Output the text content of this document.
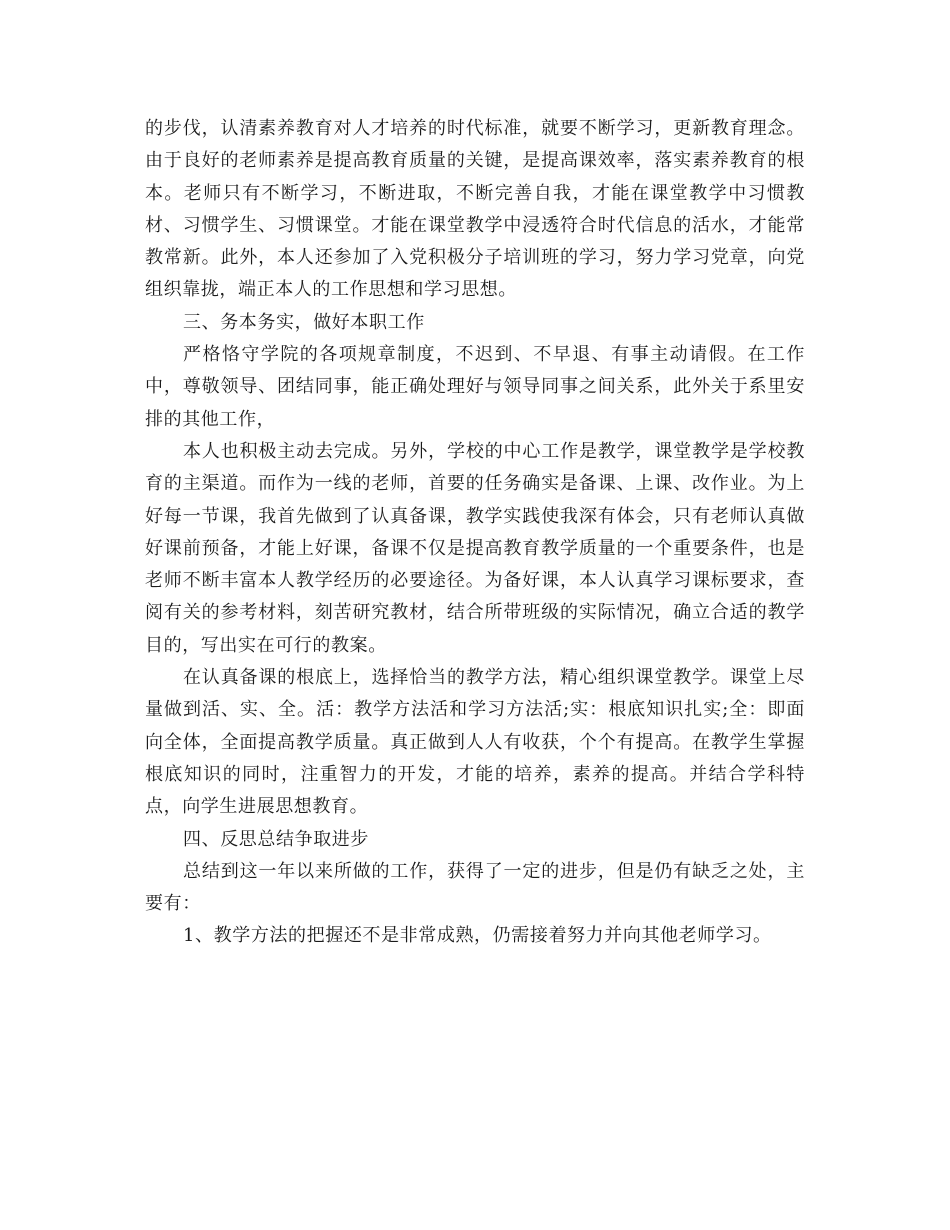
的步伐，认清素养教育对人才培养的时代标准，就要不断学习，更新教育理念。由于良好的老师素养是提高教育质量的关键，是提高课效率，落实素养教育的根本。老师只有不断学习，不断进取，不断完善自我，才能在课堂教学中习惯教材、习惯学生、习惯课堂。才能在课堂教学中浸透符合时代信息的活水，才能常教常新。此外，本人还参加了入党积极分子培训班的学习，努力学习党章，向党组织靠拢，端正本人的工作思想和学习思想。

三、务本务实，做好本职工作

严格恪守学院的各项规章制度，不迟到、不早退、有事主动请假。在工作中，尊敬领导、团结同事，能正确处理好与领导同事之间关系，此外关于系里安排的其他工作，

本人也积极主动去完成。另外，学校的中心工作是教学，课堂教学是学校教育的主渠道。而作为一线的老师，首要的任务确实是备课、上课、改作业。为上好每一节课，我首先做到了认真备课，教学实践使我深有体会，只有老师认真做好课前预备，才能上好课，备课不仅是提高教育教学质量的一个重要条件，也是老师不断丰富本人教学经历的必要途径。为备好课，本人认真学习课标要求，查阅有关的参考材料，刻苦研究教材，结合所带班级的实际情况，确立合适的教学目的，写出实在可行的教案。

在认真备课的根底上，选择恰当的教学方法，精心组织课堂教学。课堂上尽量做到活、实、全。活：教学方法活和学习方法活;实：根底知识扎实;全：即面向全体，全面提高教学质量。真正做到人人有收获，个个有提高。在教学生掌握根底知识的同时，注重智力的开发，才能的培养，素养的提高。并结合学科特点，向学生进展思想教育。

四、反思总结争取进步

总结到这一年以来所做的工作，获得了一定的进步，但是仍有缺乏之处，主要有：

1、教学方法的把握还不是非常成熟，仍需接着努力并向其他老师学习。
